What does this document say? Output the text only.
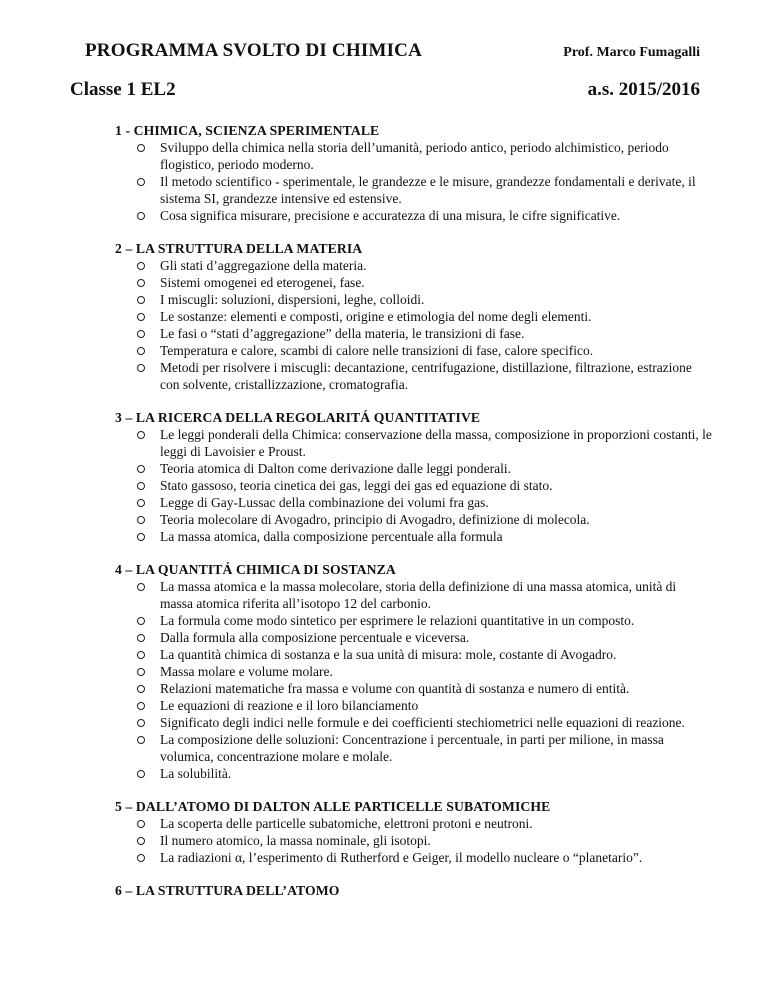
PROGRAMMA SVOLTO DI CHIMICA	Prof. Marco Fumagalli
Classe 1 EL2	a.s. 2015/2016
1 - CHIMICA, SCIENZA SPERIMENTALE
Sviluppo della chimica nella storia dell’umanità, periodo antico, periodo alchimistico, periodo flogistico, periodo moderno.
Il metodo scientifico - sperimentale, le grandezze e le misure, grandezze fondamentali e derivate, il sistema SI, grandezze intensive ed estensive.
Cosa significa misurare, precisione e accuratezza di una misura, le cifre significative.
2 – LA STRUTTURA DELLA MATERIA
Gli stati d’aggregazione della materia.
Sistemi omogenei ed eterogenei, fase.
I miscugli: soluzioni, dispersioni, leghe, colloidi.
Le sostanze: elementi e composti, origine e etimologia del nome degli elementi.
Le fasi o “stati d’aggregazione” della materia, le transizioni di fase.
Temperatura e calore, scambi di calore nelle transizioni di fase, calore specifico.
Metodi per risolvere i miscugli: decantazione, centrifugazione, distillazione, filtrazione, estrazione con solvente, cristallizzazione, cromatografia.
3 – LA RICERCA DELLA REGOLARITÁ QUANTITATIVE
Le leggi ponderali della Chimica: conservazione della massa, composizione in proporzioni costanti, le leggi di Lavoisier e Proust.
Teoria atomica di Dalton come derivazione dalle leggi ponderali.
Stato gassoso, teoria cinetica dei gas, leggi dei gas ed equazione di stato.
Legge di Gay-Lussac della combinazione dei volumi fra gas.
Teoria molecolare di Avogadro, principio di Avogadro, definizione di molecola.
La massa atomica, dalla composizione percentuale alla formula
4 – LA QUANTITÁ CHIMICA DI SOSTANZA
La massa atomica e la massa molecolare, storia della definizione di una massa atomica, unità di massa atomica riferita all’isotopo 12 del carbonio.
La formula come modo sintetico per esprimere le relazioni quantitative in un composto.
Dalla formula alla composizione percentuale e viceversa.
La quantità chimica di sostanza e la sua unità di misura: mole, costante di Avogadro.
Massa molare e volume molare.
Relazioni matematiche fra massa e volume con quantità di sostanza e numero di entità.
Le equazioni di reazione e il loro bilanciamento
Significato degli indici nelle formule e dei coefficienti stechiometrici nelle equazioni di reazione.
La composizione delle soluzioni: Concentrazione i percentuale, in parti per milione, in massa volumica, concentrazione molare e molale.
La solubilità.
5 – DALL’ATOMO DI DALTON ALLE PARTICELLE SUBATOMICHE
La scoperta delle particelle subatomiche, elettroni protoni e neutroni.
Il numero atomico, la massa nominale, gli isotopi.
La radiazioni α, l’esperimento di Rutherford e Geiger, il modello nucleare o “planetario”.
6 – LA STRUTTURA DELL’ATOMO
